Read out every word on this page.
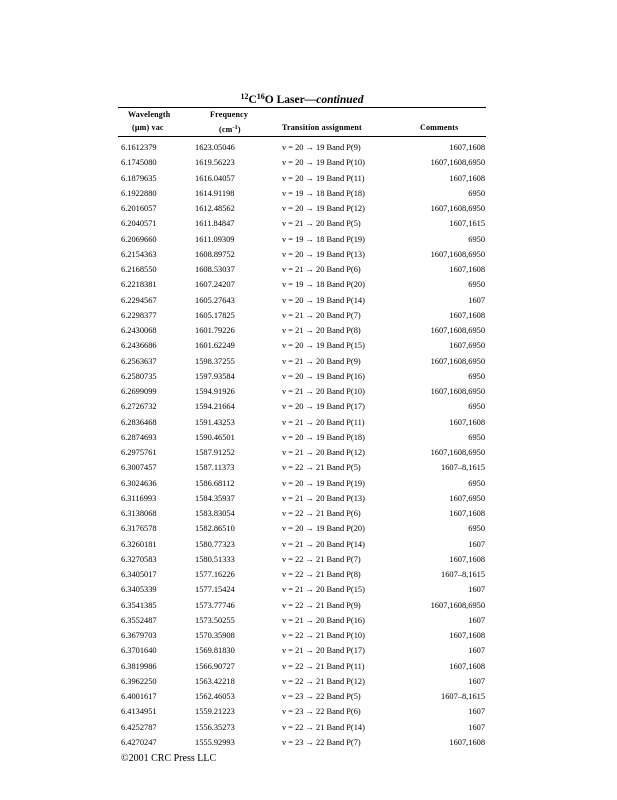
$^{12}C^{16}O$ Laser—continued
Wavelength
(μm) vac
Frequency
$(cm^{-1})$	Transition assignment	Comments
6.1612379	1623.05046	v = 20 → 19 Band P(9)	1607,1608
6.1745080	1619.56223	v = 20 → 19 Band P(10)	1607,1608,6950
6.1879635	1616.04057	v = 20 → 19 Band P(11)	1607,1608
6.1922880	1614.91198	v = 19 → 18 Band P(18)	6950
6.2016057	1612.48562	v = 20 → 19 Band P(12)	1607,1608,6950
6.2040571	1611.84847	v = 21 → 20 Band P(5)	1607,1615
6.2069660	1611.09309	v = 19 → 18 Band P(19)	6950
6.2154363	1608.89752	v = 20 → 19 Band P(13)	1607,1608,6950
6.2168550	1608.53037	v = 21 → 20 Band P(6)	1607,1608
6.2218381	1607.24207	v = 19 → 18 Band P(20)	6950
6.2294567	1605.27643	v = 20 → 19 Band P(14)	1607
6.2298377	1605.17825	v = 21 → 20 Band P(7)	1607,1608
6.2430068	1601.79226	v = 21 → 20 Band P(8)	1607,1608,6950
6.2436686	1601.62249	v = 20 → 19 Band P(15)	1607,6950
6.2563637	1598.37255	v = 21 → 20 Band P(9)	1607,1608,6950
6.2580735	1597.93584	v = 20 → 19 Band P(16)	6950
6.2699099	1594.91926	v = 21 → 20 Band P(10)	1607,1608,6950
6.2726732	1594.21664	v = 20 → 19 Band P(17)	6950
6.2836468	1591.43253	v = 21 → 20 Band P(11)	1607,1608
6.2874693	1590.46501	v = 20 → 19 Band P(18)	6950
6.2975761	1587.91252	v = 21 → 20 Band P(12)	1607,1608,6950
6.3007457	1587.11373	v = 22 → 21 Band P(5)	1607–8,1615
6.3024636	1586.68112	v = 20 → 19 Band P(19)	6950
6.3116993	1584.35937	v = 21 → 20 Band P(13)	1607,6950
6.3138068	1583.83054	v = 22 → 21 Band P(6)	1607,1608
6.3176578	1582.86510	v = 20 → 19 Band P(20)	6950
6.3260181	1580.77323	v = 21 → 20 Band P(14)	1607
6.3270583	1580.51333	v = 22 → 21 Band P(7)	1607,1608
6.3405017	1577.16226	v = 22 → 21 Band P(8)	1607–8,1615
6.3405339	1577.15424	v = 21 → 20 Band P(15)	1607
6.3541385	1573.77746	v = 22 → 21 Band P(9)	1607,1608,6950
6.3552487	1573.50255	v = 21 → 20 Band P(16)	1607
6.3679703	1570.35908	v = 22 → 21 Band P(10)	1607,1608
6.3701640	1569.81830	v = 21 → 20 Band P(17)	1607
6.3819986	1566.90727	v = 22 → 21 Band P(11)	1607,1608
6.3962250	1563.42218	v = 22 → 21 Band P(12)	1607
6.4001617	1562.46053	v = 23 → 22 Band P(5)	1607–8,1615
6.4134951	1559.21223	v = 23 → 22 Band P(6)	1607
6.4252787	1556.35273	v = 22 → 21 Band P(14)	1607
6.4270247	1555.92993	v = 23 → 22 Band P(7)	1607,1608
©2001 CRC Press LLC
